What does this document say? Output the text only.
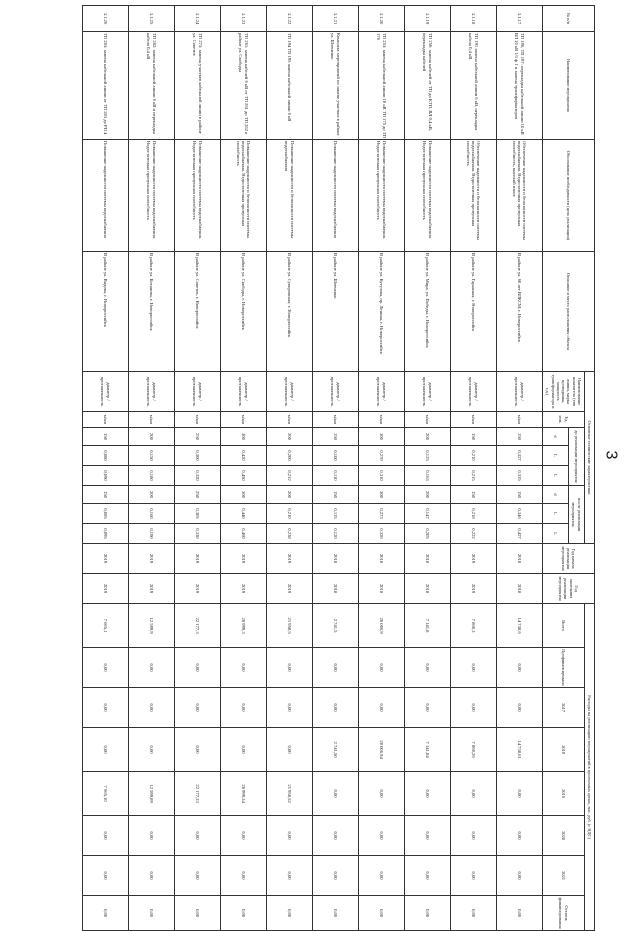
3
№ п/п	Наименование мероприятия	Обоснование необходимости (цель реализации)	Описание и место расположения объекта	Основные технические характеристики								Год начала реализации мероприятия	Год окончания реализации мероприятия	Расходы на реализацию мероприятий в прогнозных ценах, тыс. руб. (с НДС)							
				Наименование показателя (тип линии, марка проводника, мощность трансформатора и т.д.)	Ед. изм.	до реализации мероприятия			после реализации мероприятия					Всего	Профинансировано	2017	2018	2019	2020	2021	Остаток финансирования
						d	L	L	d	L	L										
3.1.17	ТП 196, ТП 197: перекладка кабельной линии 10 кВ ВЛ 10 кВ 1/1 ф 1 и замена трансформаторов	Обеспечение надежности и безопасности системы водоснабжения. Недостаточная пропускная способность, высокий износ	В районе ул. 60 лет ВЛКСМ, г. Новороссийск	диаметр / протяженность	м/км	150	0,327	0,335	150	0,346	0,427	2018	2018	14 738,6	0,00	0,00	14 738,61	0,00	0,00	0,00	0,00
3.1.18	ТП 191 замена кабельной линии 6 кВ, перекладка кабеля 0,4 кВ	Обеспечение надежности и безопасности системы водоснабжения. Недостаточная пропускная способность	В районе ул. Гаражная, г. Новороссийск	диаметр / протяженность	м/км	150	0,210	0,215	150	0,218	0,222	2019	2019	7 860,3	0,00	0,00	7 860,26	0,00	0,00	0,00	0,00
3.1.19	ТП 256: замена кабелей от ТП до КТП, ВЛ 0,4 кВ, перекладка кабелей	Повышение надежности системы водоснабжения. Недостаточная пропускная способность	В районе ул. Мира, ул. Победы, г. Новороссийск	диаметр / протяженность	м/км	200	0,125	0,163	200	0,147	0,205	2018	2018	7 141,8	0,00	0,00	7 141,84	0,00	0,00	0,00	0,00
3.1.20	ТП 253: замена кабельной линии 10 кВ ТП 175 до ТП 176	Повышение надежности системы водоснабжения. Недостаточная пропускная способность	В районе ул. Кутузова, пр. Ленина, г. Новороссийск	диаметр / протяженность	м/км	300	0,270	0,310	300	0,273	0,320	2018	2018	20 006,9	0,00	0,00	20 006,94	0,00	0,00	0,00	0,00
3.1.21	Комплекс мероприятий по замене участков в районе ул. Шевченко	Повышение надежности системы водоснабжения	В районе ул. Шевченко	диаметр / протяженность	м/км	150	0,100	0,110	150	0,115	0,120	2018	2018	2 741,5	0,00	0,00	2 741,50	0,00	0,00	0,00	0,00
3.1.22	ТП 194 ТП 195 замена кабельной линии 6 кВ	Повышение надежности и безопасности системы водоснабжения	В районе ул. Суворовская, г. Новороссийск	диаметр / протяженность	м/км	200	0,200	0,212	200	0,210	0,238	2019	2019	21 958,5	0,00	0,00	0,00	21 958,52	0,00	0,00	0,00
3.1.23	ТП 261: замена кабелей 6 кВ от ТП 261 до ТП 262 в районе ул. Свободы	Повышение надежности и безопасности системы водоснабжения. Недостаточная пропускная способность	В районе ул. Свободы, г. Новороссийск	диаметр / протяженность	м/км	300	0,420	0,450	300	0,440	0,460	2019	2019	28 999,3	0,00	0,00	0,00	28 999,34	0,00	0,00	0,00
3.1.24	ТП 273: замена участков кабельной линии в районе ул. Советов	Повышение надежности системы водоснабжения. Недостаточная пропускная способность	В районе ул. Советов, г. Новороссийск	диаметр / протяженность	м/км	250	0,300	0,320	250	0,305	0,330	2019	2019	22 177,3	0,00	0,00	0,00	22 177,33	0,00	0,00	0,00
3.1.25	ТП 282: замена кабельной линии 6 кВ и перекладка кабеля 0,4 кВ	Повышение надежности системы водоснабжения. Недостаточная пропускная способность	В районе ул. Котанова, г. Новороссийск	диаметр / протяженность	м/км	200	0,150	0,180	200	0,160	0,190	2019	2019	12 599,9	0,00	0,00	0,00	12 599,89	0,00	0,00	0,00
3.1.26	ТП 283: замена кабельной линии от ТП 283 до РП 4	Повышение надежности системы водоснабжения	В районе ул. Видова, г. Новороссийск	диаметр / протяженность	м/км	150	0,080	0,090	150	0,085	0,095	2019	2019	7 665,1	0,00	0,00	0,00	7 665,10	0,00	0,00	0,00
